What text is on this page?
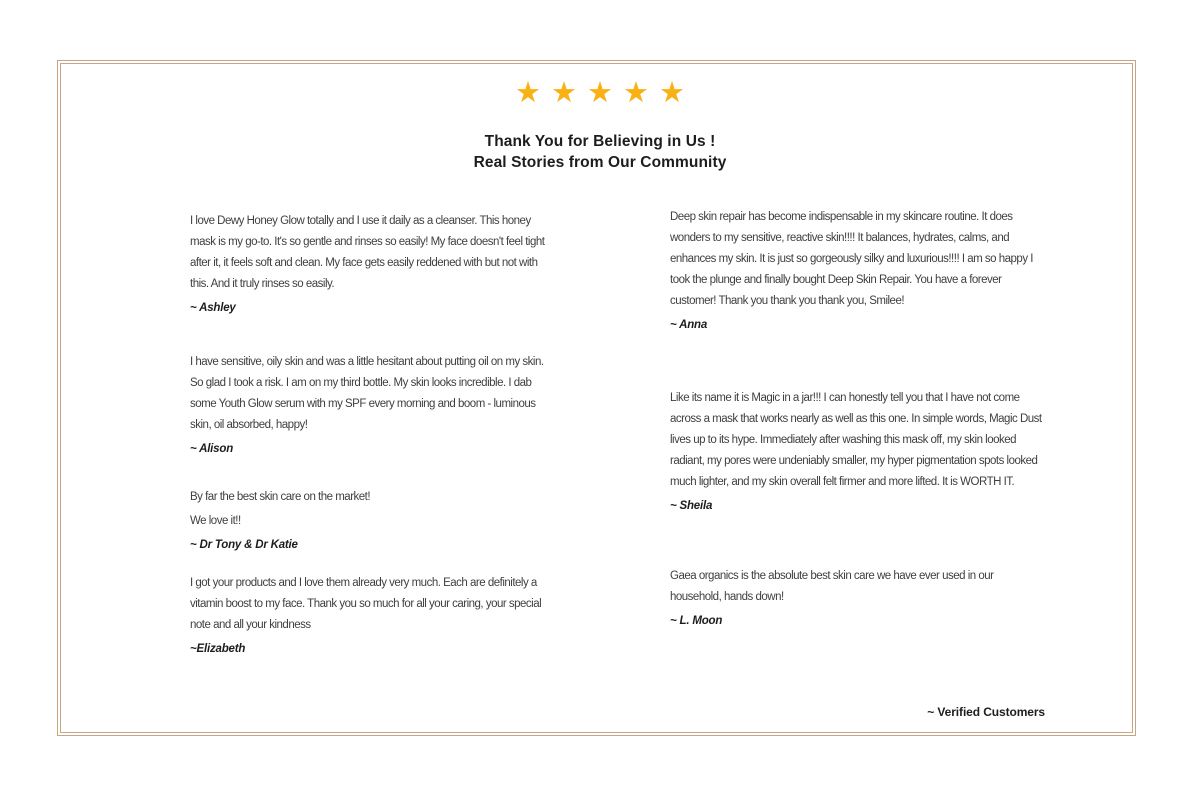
★ ★ ★ ★ ★
Thank You for Believing in Us !
Real Stories from Our Community

I love Dewy Honey Glow totally and I use it daily as a cleanser. This honey mask is my go-to. It's so gentle and rinses so easily! My face doesn't feel tight after it, it feels soft and clean. My face gets easily reddened with but not with this. And it truly rinses so easily.

~ Ashley

I have sensitive, oily skin and was a little hesitant about putting oil on my skin. So glad I took a risk. I am on my third bottle. My skin looks incredible. I dab some Youth Glow serum with my SPF every morning and boom - luminous skin, oil absorbed, happy!

~ Alison

By far the best skin care on the market!

We love it!!

~ Dr Tony & Dr Katie

I got your products and I love them already very much. Each are definitely a vitamin boost to my face. Thank you so much for all your caring, your special note and all your kindness

~Elizabeth

Deep skin repair has become indispensable in my skincare routine. It does wonders to my sensitive, reactive skin!!!! It balances, hydrates, calms, and enhances my skin. It is just so gorgeously silky and luxurious!!!! I am so happy I took the plunge and finally bought Deep Skin Repair. You have a forever customer! Thank you thank you thank you, Smilee!

~ Anna

Like its name it is Magic in a jar!!! I can honestly tell you that I have not come across a mask that works nearly as well as this one. In simple words, Magic Dust lives up to its hype. Immediately after washing this mask off, my skin looked radiant, my pores were undeniably smaller, my hyper pigmentation spots looked much lighter, and my skin overall felt firmer and more lifted. It is WORTH IT.

~ Sheila

Gaea organics is the absolute best skin care we have ever used in our household, hands down!

~ L. Moon

~ Verified Customers
